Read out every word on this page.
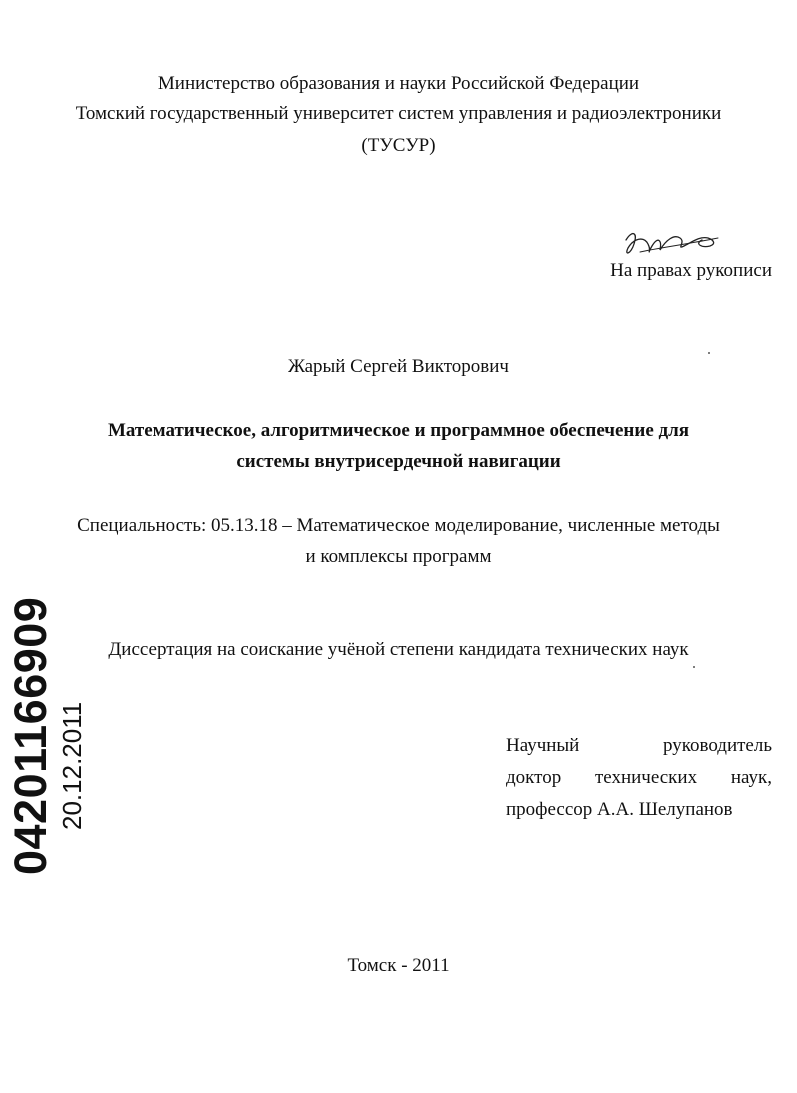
Министерство образования и науки Российской Федерации
Томский государственный университет систем управления и радиоэлектроники
(ТУСУР)
На правах рукописи
Жарый Сергей Викторович
Математическое, алгоритмическое и программное обеспечение для
системы внутрисердечной навигации
Специальность: 05.13.18 – Математическое моделирование, численные методы
и комплексы программ
Диссертация на соискание учёной степени кандидата технических наук
Научный	руководитель
доктор технических наук,
профессор А.А. Шелупанов
Томск - 2011
04201166909 20.12.2011
